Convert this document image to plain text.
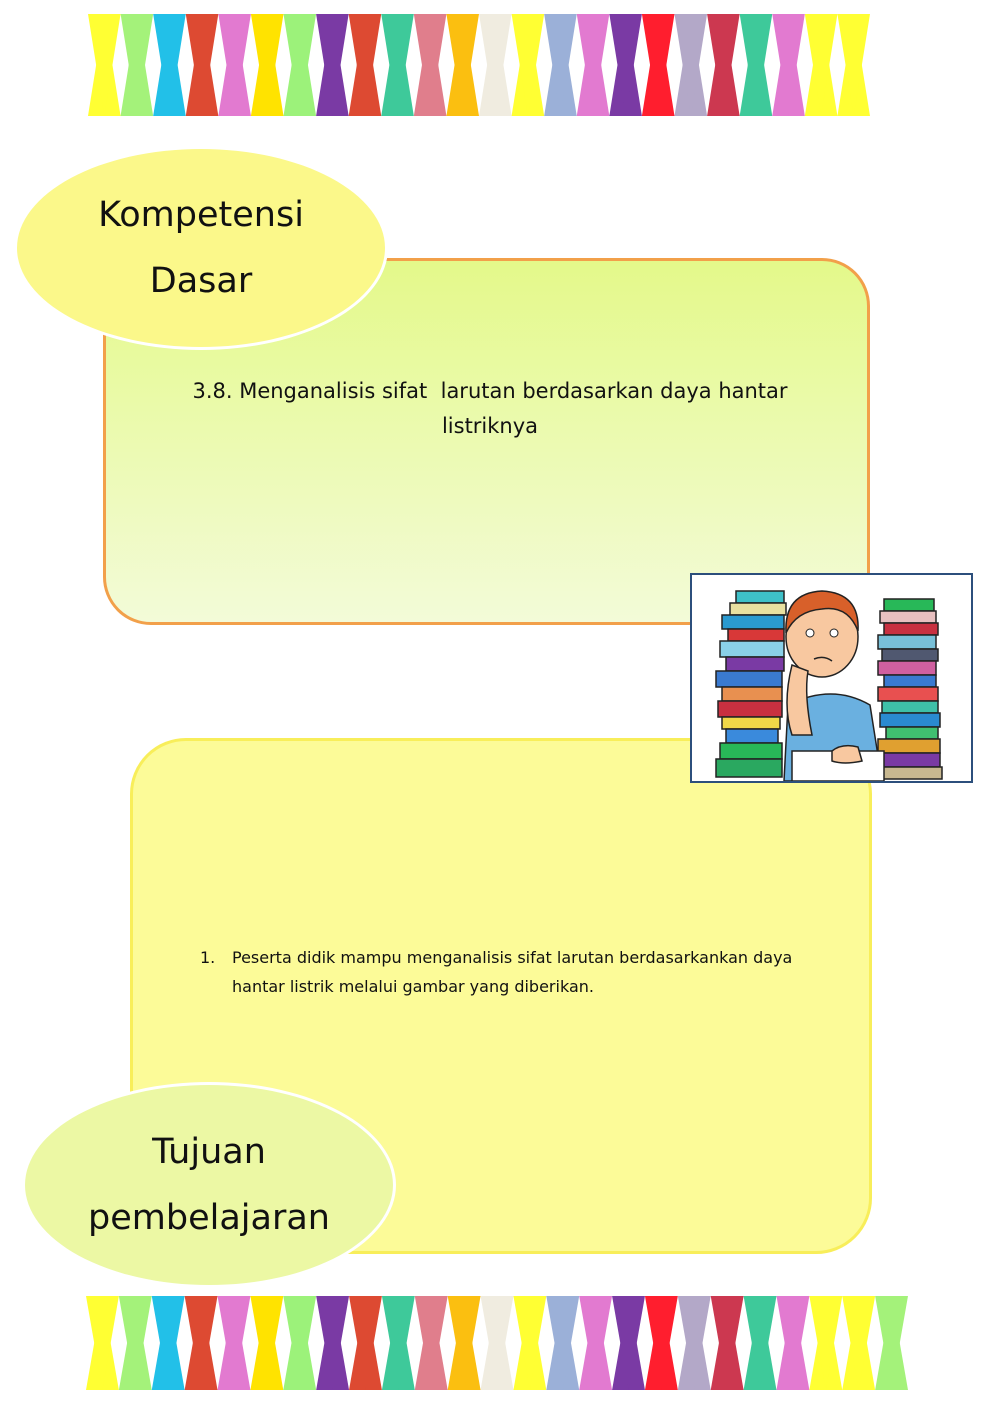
Kompetensi
Dasar
3.8. Menganalisis sifat  larutan berdasarkan daya hantar
listriknya
1.	Peserta didik mampu menganalisis sifat larutan berdasarkankan daya
hantar listrik melalui gambar yang diberikan.
Tujuan
pembelajaran
